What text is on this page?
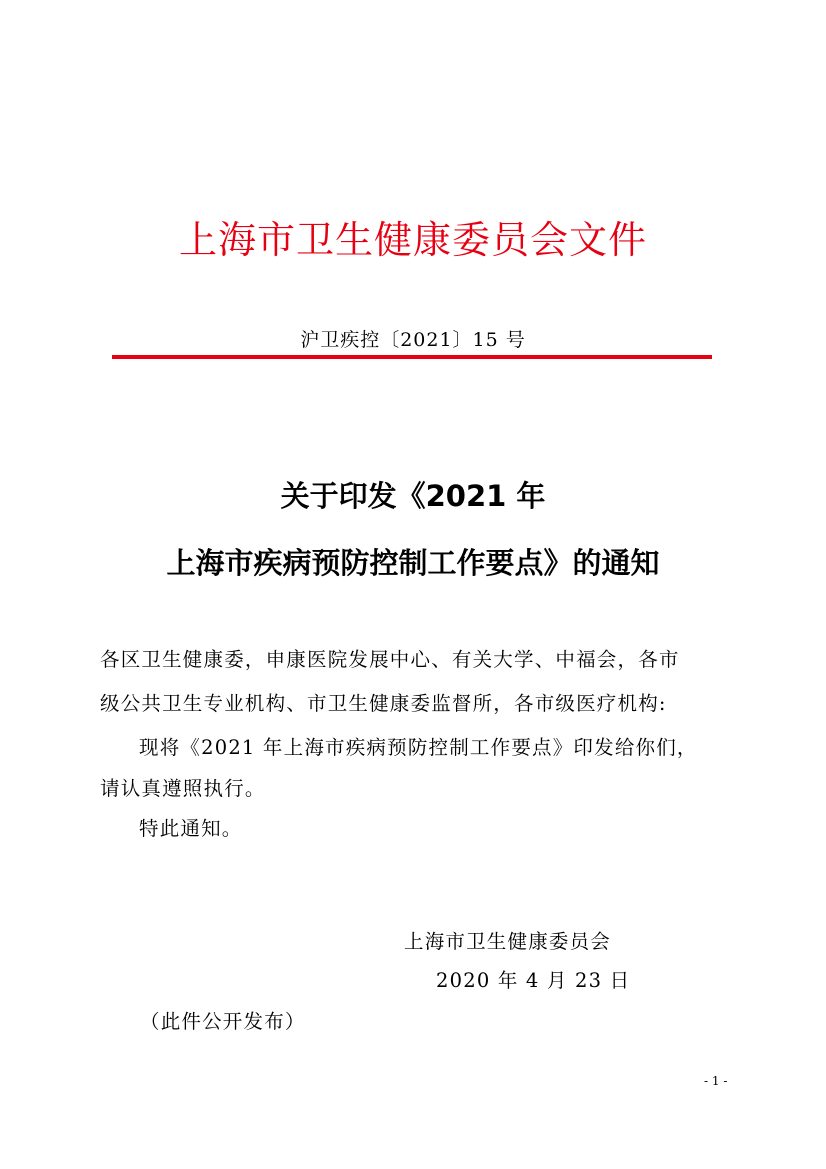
上海市卫生健康委员会文件
沪卫疾控〔2021〕15 号
关于印发《2021 年
上海市疾病预防控制工作要点》的通知
各区卫生健康委，申康医院发展中心、有关大学、中福会，各市
级公共卫生专业机构、市卫生健康委监督所，各市级医疗机构:
现将《2021 年上海市疾病预防控制工作要点》印发给你们，
请认真遵照执行。
特此通知。
上海市卫生健康委员会
2020 年 4 月 23 日
（此件公开发布）
- 1 -
